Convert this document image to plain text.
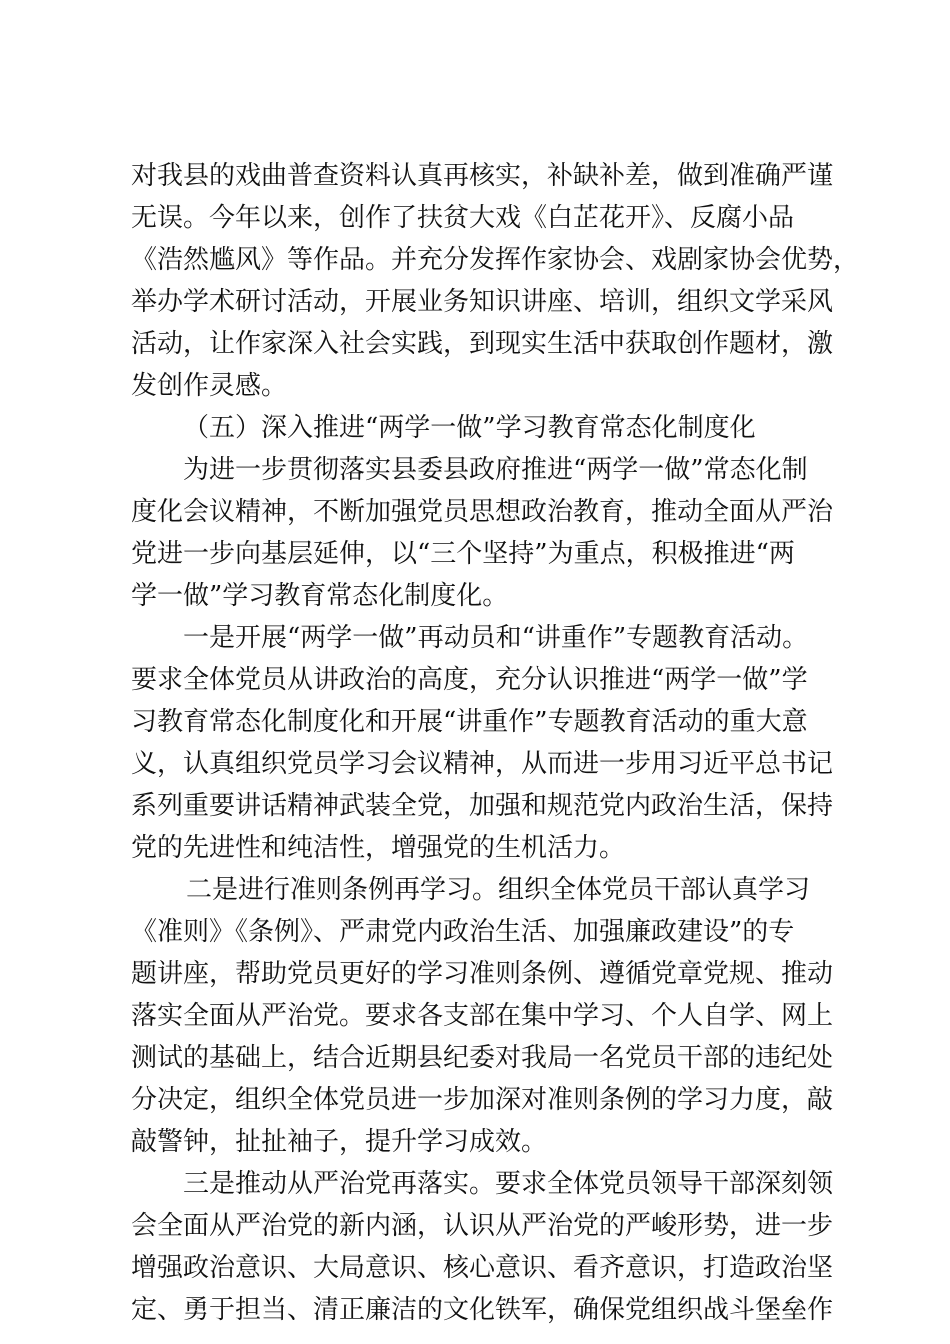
对我县的戏曲普查资料认真再核实，补缺补差，做到准确严谨
无误。今年以来，创作了扶贫大戏《白芷花开》、反腐小品
《浩然尴风》等作品。并充分发挥作家协会、戏剧家协会优势，
举办学术研讨活动，开展业务知识讲座、培训，组织文学采风
活动，让作家深入社会实践，到现实生活中获取创作题材，激
发创作灵感。
（五）深入推进“两学一做”学习教育常态化制度化
为进一步贯彻落实县委县政府推进“两学一做”常态化制
度化会议精神，不断加强党员思想政治教育，推动全面从严治
党进一步向基层延伸，以“三个坚持”为重点，积极推进“两
学一做”学习教育常态化制度化。
一是开展“两学一做”再动员和“讲重作”专题教育活动。
要求全体党员从讲政治的高度，充分认识推进“两学一做”学
习教育常态化制度化和开展“讲重作”专题教育活动的重大意
义，认真组织党员学习会议精神，从而进一步用习近平总书记
系列重要讲话精神武装全党，加强和规范党内政治生活，保持
党的先进性和纯洁性，增强党的生机活力。
二是进行准则条例再学习。组织全体党员干部认真学习
《准则》《条例》、严肃党内政治生活、加强廉政建设”的专
题讲座，帮助党员更好的学习准则条例、遵循党章党规、推动
落实全面从严治党。要求各支部在集中学习、个人自学、网上
测试的基础上，结合近期县纪委对我局一名党员干部的违纪处
分决定，组织全体党员进一步加深对准则条例的学习力度，敲
敲警钟，扯扯袖子，提升学习成效。
三是推动从严治党再落实。要求全体党员领导干部深刻领
会全面从严治党的新内涵，认识从严治党的严峻形势，进一步
增强政治意识、大局意识、核心意识、看齐意识，打造政治坚
定、勇于担当、清正廉洁的文化铁军，确保党组织战斗堡垒作
